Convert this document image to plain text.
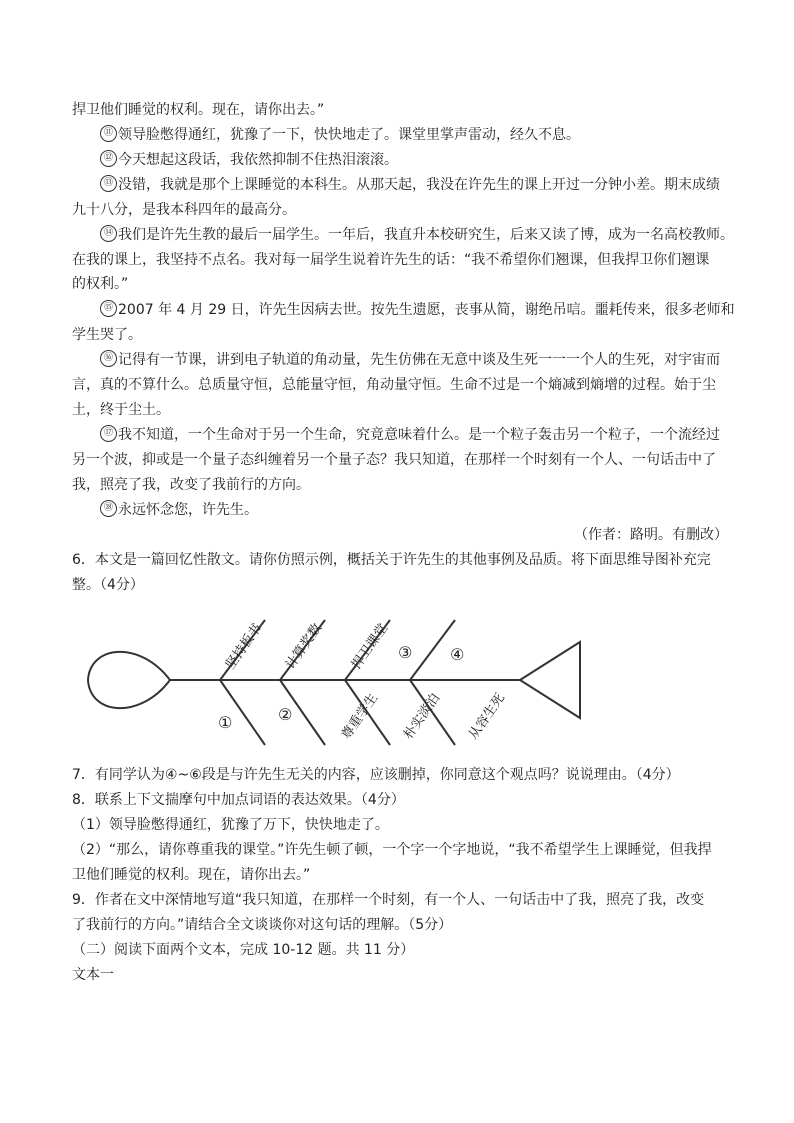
捍卫他们睡觉的权利。现在，请你出去。”
⑪ 领导脸憋得通红，犹豫了一下，快快地走了。课堂里掌声雷动，经久不息。
⑫ 今天想起这段话，我依然抑制不住热泪滚滚。
⑬ 没错，我就是那个上课睡觉的本科生。从那天起，我没在许先生的课上开过一分钟小差。期末成绩
九十八分，是我本科四年的最高分。
⑭ 我们是许先生教的最后一届学生。一年后，我直升本校研究生，后来又读了博，成为一名高校教师。
在我的课上，我坚持不点名。我对每一届学生说着许先生的话：“我不希望你们翘课，但我捍卫你们翘课
的权利。”
⑮ 2007 年 4 月 29 日，许先生因病去世。按先生遗愿，丧事从简，谢绝吊唁。噩耗传来，很多老师和
学生哭了。
⑯ 记得有一节课，讲到电子轨道的角动量，先生仿佛在无意中谈及生死一一一个人的生死，对宇宙而
言，真的不算什么。总质量守恒，总能量守恒，角动量守恒。生命不过是一个熵减到熵增的过程。始于尘
土，终于尘土。
⑰ 我不知道，一个生命对于另一个生命，究竟意味着什么。是一个粒子轰击另一个粒子，一个流经过
另一个波，抑或是一个量子态纠缠着另一个量子态？我只知道，在那样一个时刻有一个人、一句话击中了
我，照亮了我，改变了我前行的方向。
⑱ 永远怀念您，许先生。
（作者：路明。有删改）
6．本文是一篇回忆性散文。请你仿照示例，概括关于许先生的其他事例及品质。将下面思维导图补充完
整。（4分）
坚持板书 计算奖数 捍卫课堂 ③ ④
①	②	尊重学生 朴实淡泊 从容生死
7．有同学认为④~⑥段是与许先生无关的内容，应该删掉，你同意这个观点吗？说说理由。（4分）
8．联系上下文揣摩句中加点词语的表达效果。（4分）
（1）领导脸憋得通红，犹豫了万下，快快地走了。
（2）“那么，请你尊重我的课堂。”许先生顿了顿，一个字一个字地说，“我不希望学生上课睡觉，但我捍
卫他们睡觉的权利。现在，请你出去。”
9．作者在文中深情地写道“我只知道，在那样一个时刻，有一个人、一句话击中了我，照亮了我，改变
了我前行的方向。”请结合全文谈谈你对这句话的理解。（5分）
（二）阅读下面两个文本，完成 10-12 题。共 11 分）
文本一
